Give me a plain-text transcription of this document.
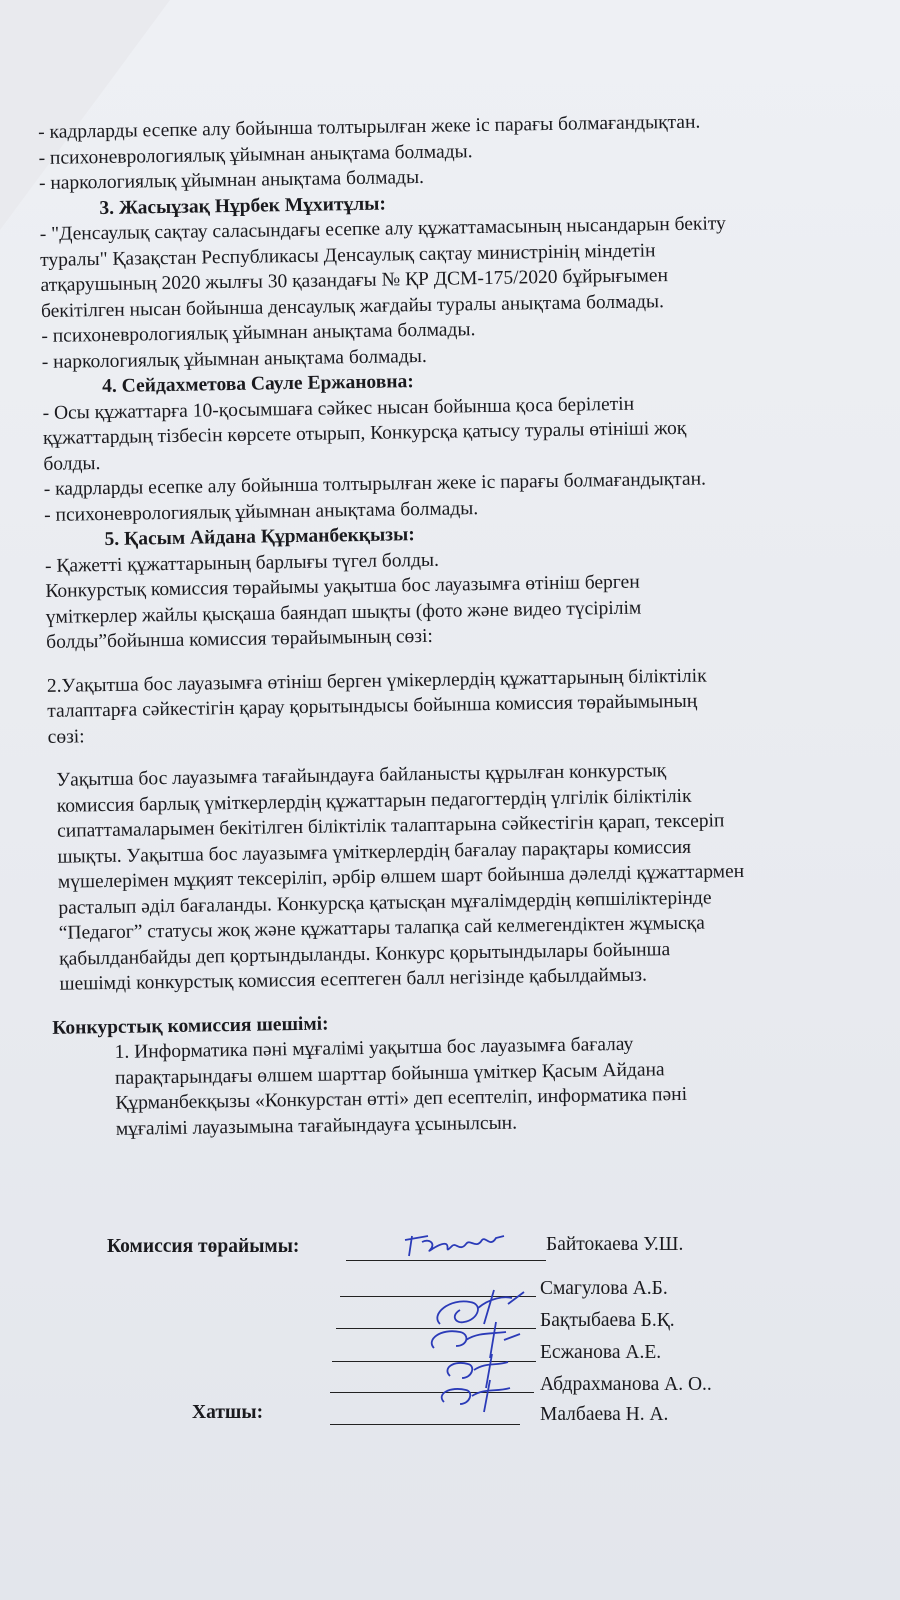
- кадрларды есепке алу бойынша толтырылған жеке іс парағы болмағандықтан.
- психоневрологиялық ұйымнан анықтама болмады.
- наркологиялық ұйымнан анықтама болмады.
3. Жасыұзақ Нұрбек Мұхитұлы:
- "Денсаулық сақтау саласындағы есепке алу құжаттамасының нысандарын бекіту
туралы" Қазақстан Республикасы Денсаулық сақтау министрінің міндетін
атқарушының 2020 жылғы 30 қазандағы № ҚР ДСМ-175/2020 бұйрығымен
бекітілген нысан бойынша денсаулық жағдайы туралы анықтама болмады.
- психоневрологиялық ұйымнан анықтама болмады.
- наркологиялық ұйымнан анықтама болмады.
4. Сейдахметова Сауле Ержановна:
- Осы құжаттарға 10-қосымшаға сәйкес нысан бойынша қоса берілетін
құжаттардың тізбесін көрсете отырып, Конкурсқа қатысу туралы өтініші жоқ
болды.
- кадрларды есепке алу бойынша толтырылған жеке іс парағы болмағандықтан.
- психоневрологиялық ұйымнан анықтама болмады.
5. Қасым Айдана Құрманбекқызы:
- Қажетті құжаттарының барлығы түгел болды.
Конкурстық комиссия төрайымы уақытша бос лауазымға өтініш берген
үміткерлер жайлы қысқаша баяндап шықты (фото және видео түсірілім
болды”бойынша комиссия төрайымының сөзі:
2.Уақытша бос лауазымға өтініш берген үмікерлердің құжаттарының біліктілік
талаптарға сәйкестігін қарау қорытындысы бойынша комиссия төрайымының
сөзі:
Уақытша бос лауазымға тағайындауға байланысты құрылған конкурстық
комиссия барлық үміткерлердің құжаттарын педагогтердің үлгілік біліктілік
сипаттамаларымен бекітілген біліктілік талаптарына сәйкестігін қарап, тексеріп
шықты. Уақытша бос лауазымға үміткерлердің бағалау парақтары комиссия
мүшелерімен мұқият тексеріліп, әрбір өлшем шарт бойынша дәлелді құжаттармен
расталып әділ бағаланды. Конкурсқа қатысқан мұғалімдердің көпшіліктерінде
“Педагог” статусы жоқ және құжаттары талапқа сай келмегендіктен жұмысқа
қабылданбайды деп қортындыланды. Конкурс қорытындылары бойынша
шешімді конкурстық комиссия есептеген балл негізінде қабылдаймыз.
Конкурстық комиссия шешімі:
1. Информатика пәні мұғалімі уақытша бос лауазымға бағалау
парақтарындағы өлшем шарттар бойынша үміткер Қасым Айдана
Құрманбекқызы «Конкурстан өтті» деп есептеліп, информатика пәні
мұғалімі лауазымына тағайындауға ұсынылсын.
Комиссия төрайымы:	Байтокаева У.Ш.
Смагулова А.Б.
Бақтыбаева Б.Қ.
Есжанова А.Е.
Абдрахманова А. О..
Хатшы:	Малбаева Н. А.
